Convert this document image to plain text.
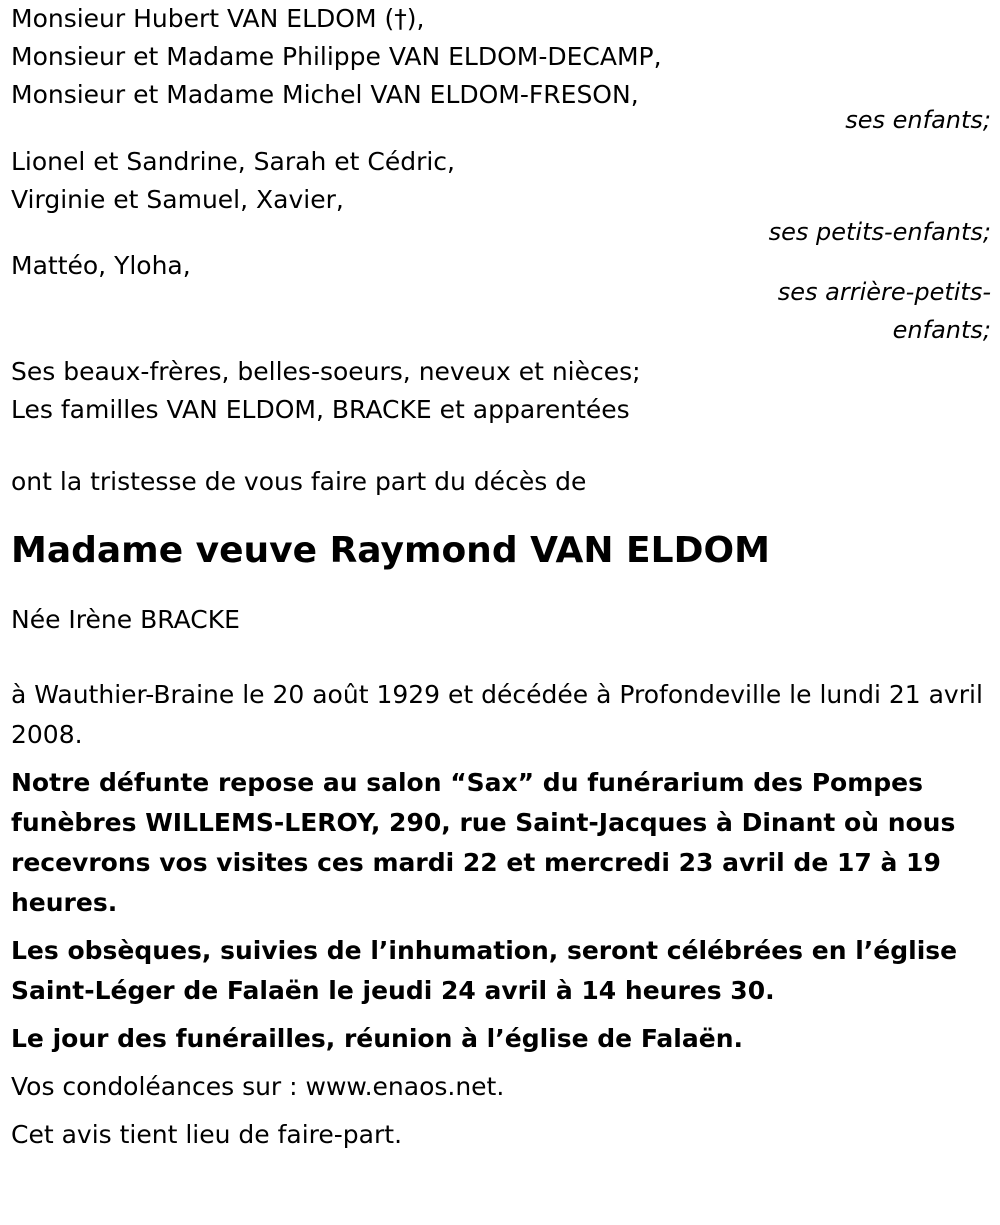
Monsieur Hubert VAN ELDOM (†),
Monsieur et Madame Philippe VAN ELDOM-DECAMP,
Monsieur et Madame Michel VAN ELDOM-FRESON,
ses enfants;
Lionel et Sandrine, Sarah et Cédric,
Virginie et Samuel, Xavier,
ses petits-enfants;
Mattéo, Yloha,
ses arrière-petits-
enfants;
Ses beaux-frères, belles-soeurs, neveux et nièces;
Les familles VAN ELDOM, BRACKE et apparentées
ont la tristesse de vous faire part du décès de
Madame veuve Raymond VAN ELDOM
Née Irène BRACKE
à Wauthier-Braine le 20 août 1929 et décédée à Profondeville le lundi 21 avril 2008.
Notre défunte repose au salon “Sax” du funérarium des Pompes funèbres WILLEMS-LEROY, 290, rue Saint-Jacques à Dinant où nous recevrons vos visites ces mardi 22 et mercredi 23 avril de 17 à 19 heures.
Les obsèques, suivies de l’inhumation, seront célébrées en l’église Saint-Léger de Falaën le jeudi 24 avril à 14 heures 30.
Le jour des funérailles, réunion à l’église de Falaën.
Vos condoléances sur : www.enaos.net.
Cet avis tient lieu de faire-part.
